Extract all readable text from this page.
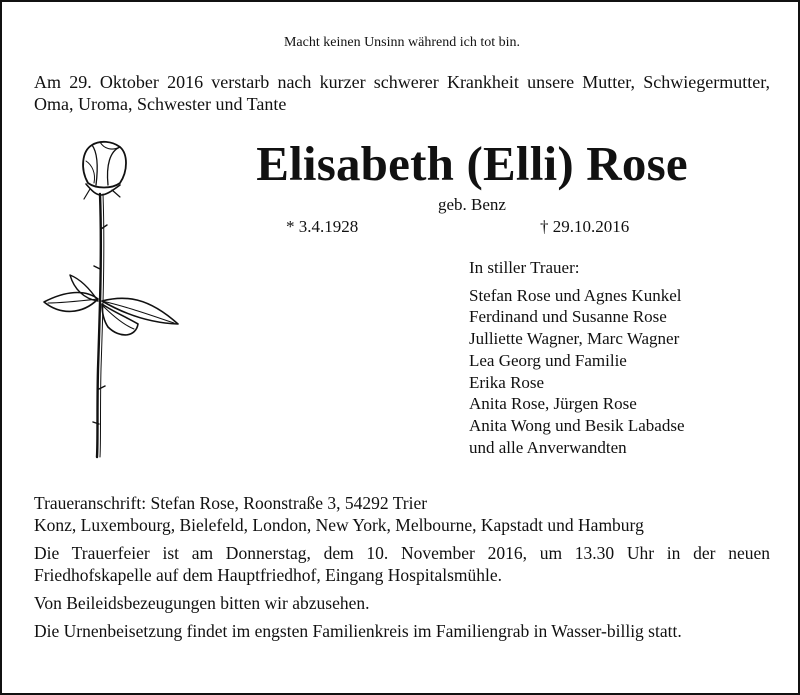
Macht keinen Unsinn während ich tot bin.
Am 29. Oktober 2016 verstarb nach kurzer schwerer Krankheit unsere Mutter, Schwiegermutter, Oma, Uroma, Schwester und Tante
Elisabeth (Elli) Rose
geb. Benz
* 3.4.1928	† 29.10.2016
In stiller Trauer:
Stefan Rose und Agnes Kunkel
Ferdinand und Susanne Rose
Julliette Wagner, Marc Wagner
Lea Georg und Familie
Erika Rose
Anita Rose, Jürgen Rose
Anita Wong und Besik Labadse
und alle Anverwandten

Traueranschrift: Stefan Rose, Roonstraße 3, 54292 Trier

Konz, Luxembourg, Bielefeld, London, New York, Melbourne, Kapstadt und Hamburg

Die Trauerfeier ist am Donnerstag, dem 10. November 2016, um 13.30 Uhr in der neuen Friedhofskapelle auf dem Hauptfriedhof, Eingang Hospitalsmühle.

Von Beileidsbezeugungen bitten wir abzusehen.

Die Urnenbeisetzung findet im engsten Familienkreis im Familiengrab in Wasser-billig statt.
